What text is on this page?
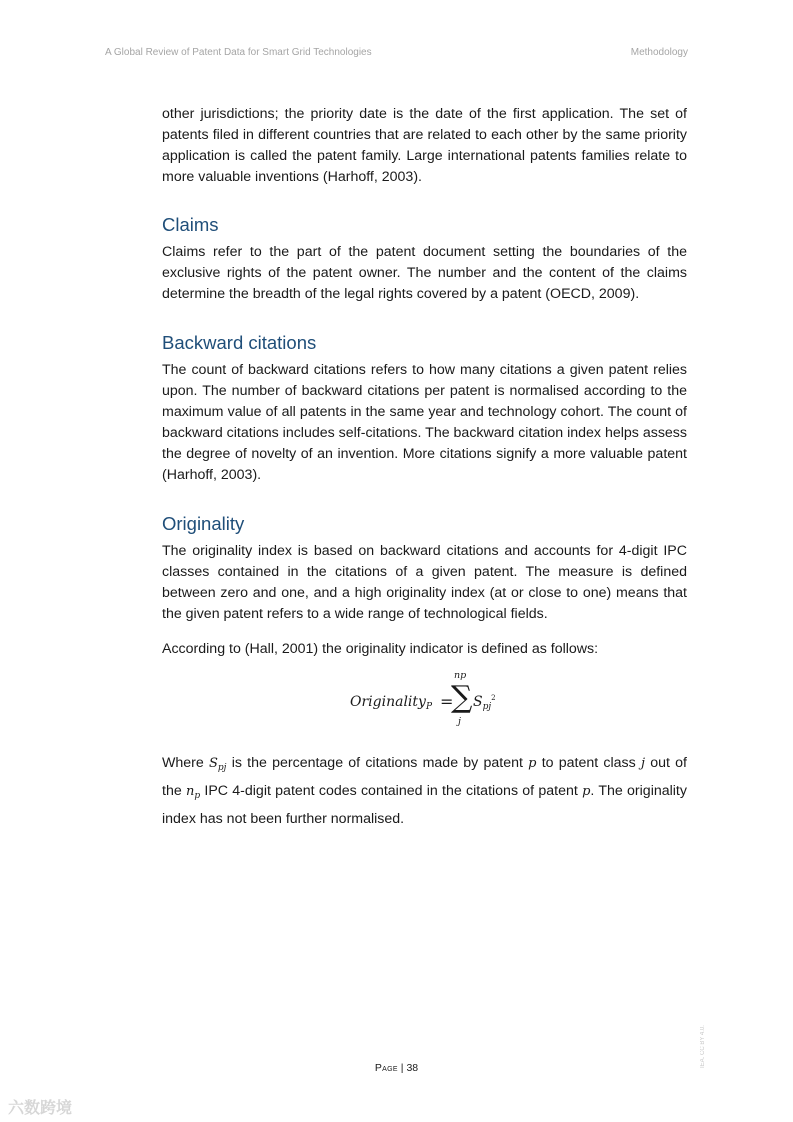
A Global Review of Patent Data for Smart Grid Technologies	Methodology

other jurisdictions; the priority date is the date of the first application. The set of patents filed in different countries that are related to each other by the same priority application is called the patent family. Large international patents families relate to more valuable inventions (Harhoff, 2003).

Claims

Claims refer to the part of the patent document setting the boundaries of the exclusive rights of the patent owner. The number and the content of the claims determine the breadth of the legal rights covered by a patent (OECD, 2009).

Backward citations

The count of backward citations refers to how many citations a given patent relies upon. The number of backward citations per patent is normalised according to the maximum value of all patents in the same year and technology cohort. The count of backward citations includes self-citations. The backward citation index helps assess the degree of novelty of an invention. More citations signify a more valuable patent (Harhoff, 2003).

Originality

The originality index is based on backward citations and accounts for 4-digit IPC classes contained in the citations of a given patent. The measure is defined between zero and one, and a high originality index (at or close to one) means that the given patent refers to a wide range of technological fields.

According to (Hall, 2001) the originality indicator is defined as follows:

Originality$_P$ =
np
∑
j
$S_{pj}^2$

Where $S_{pj}$ is the percentage of citations made by patent p to patent class j out of the $n_p$ IPC 4-digit patent codes contained in the citations of patent p. The originality index has not been further normalised.

Page | 38	IEA. CC BY 4.0.
六数跨境
